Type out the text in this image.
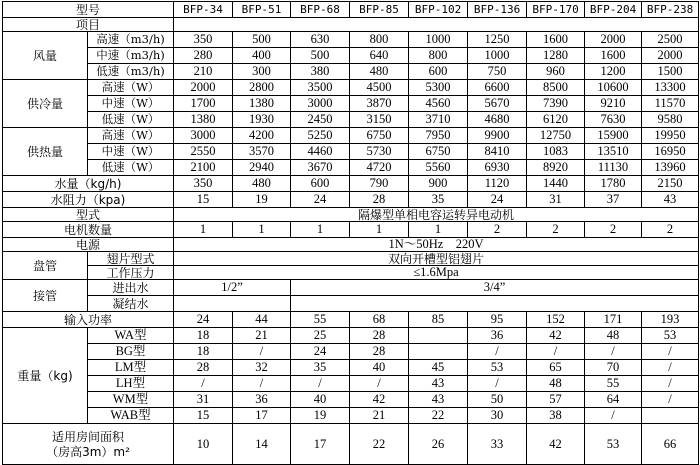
型号		BFP-34	BFP-51	BFP-68	BFP-85	BFP-102	BFP-136	BFP-170	BFP-204	BFP-238
项目										
风量	高速（m3/h)	350	500	630	800	1000	1250	1600	2000	2500
	中速（m3/h)	280	400	500	640	800	1000	1280	1600	2000
	低速（m3/h)	210	300	380	480	600	750	960	1200	1500
供冷量	高速（W）	2000	2800	3500	4500	5300	6600	8500	10600	13300
	中速（W）	1700	1380	3000	3870	4560	5670	7390	9210	11570
	低速（W）	1380	1930	2450	3150	3710	4680	6120	7630	9580
供热量	高速（W）	3000	4200	5250	6750	7950	9900	12750	15900	19950
	中速（W）	2550	3570	4460	5730	6750	8410	1083	13510	16950
	低速（W）	2100	2940	3670	4720	5560	6930	8920	11130	13960
水量（kg/h)		350	480	600	790	900	1120	1440	1780	2150
水阻力（kpa)		15	19	24	28	35	24	31	37	43
型式		隔爆型单相电容运转异电动机								
电机数量		1	1	1	1	1	2	2	2	2
电源		1N～50Hz　220V								
盘管	翅片型式	双向开槽型铝翅片								
	工作压力	≤1.6Mpa								
接管	进出水	1/2”		3/4”						
	凝结水									
输入功率		24	44	55	68	85	95	152	171	193
重量（kg)	WA型	18	21	25	28		36	42	48	53
	BG型	18	/	24	28		/	/	/	/
	LM型	28	32	35	40	45	53	65	70	/
	LH型	/	/	/	/	43	/	48	55	/
	WM型	31	36	40	42	43	50	57	64	/
	WAB型	15	17	19	21	22	30	38	/	

适用房间面积
（房高3m）m²		10	14	17	22	26	33	42	53	66
